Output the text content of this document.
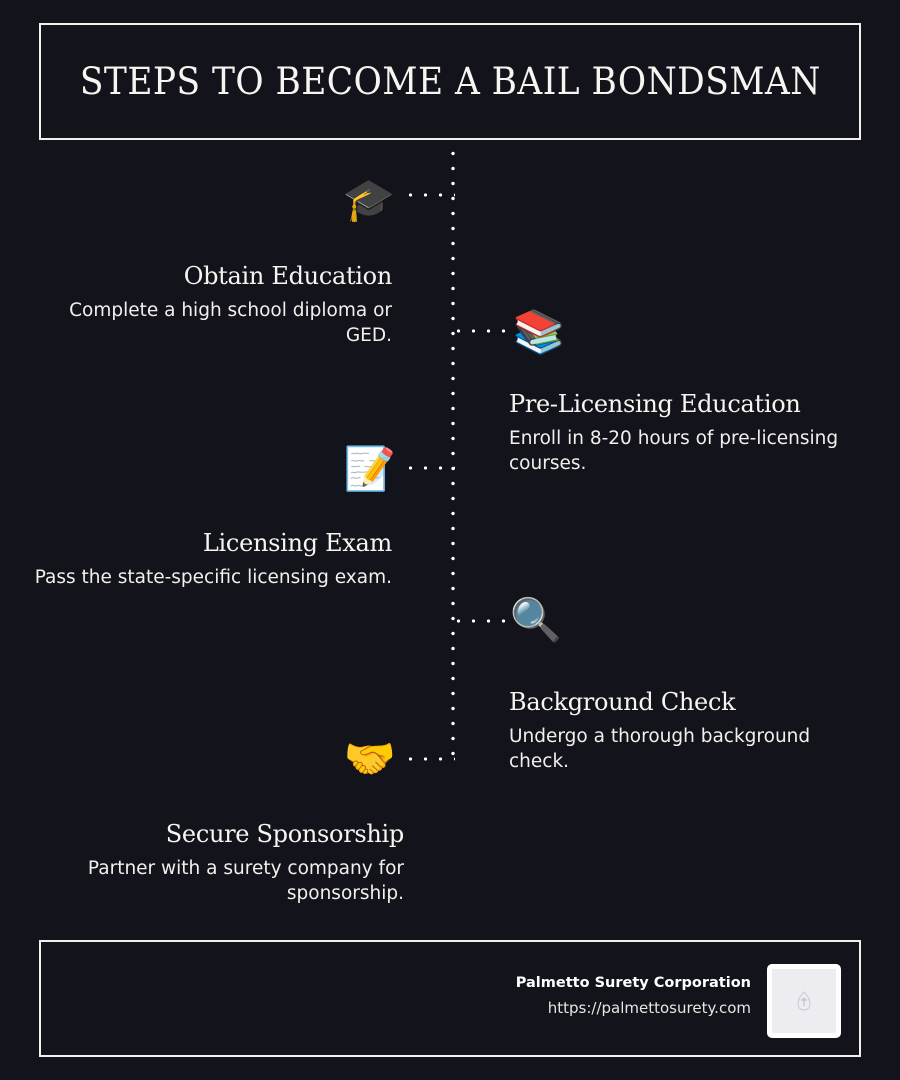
STEPS TO BECOME A BAIL BONDSMAN
🎓
Obtain Education

Complete a high school diploma or GED.	📚
Pre-Licensing Education

Enroll in 8-20 hours of pre-licensing courses.

📝
Licensing Exam

Pass the state-specific licensing exam.

🔍
Background Check

Undergo a thorough background check.

🤝
Secure Sponsorship

Partner with a surety company for sponsorship.

Palmetto Surety Corporation
https://palmettosurety.com
